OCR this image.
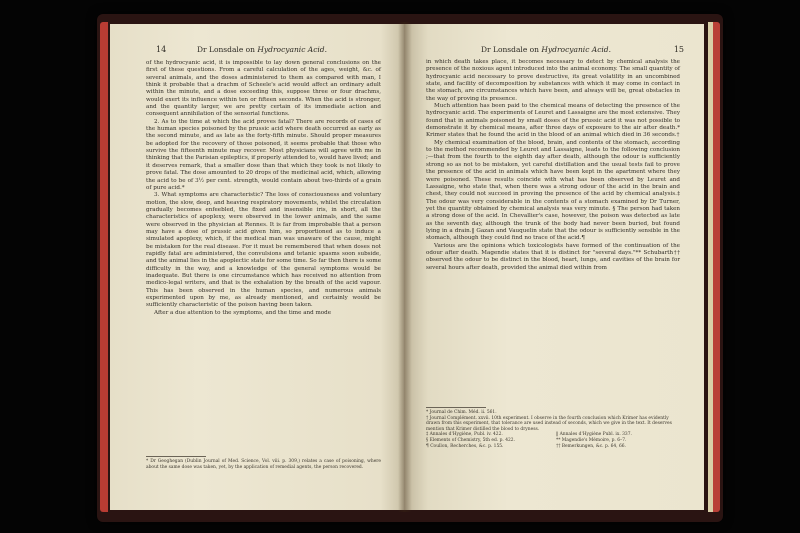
14	Dr Lonsdale on Hydrocyanic Acid.

of the hydrocyanic acid, it is impossible to lay down general conclusions on the first of these questions. From a careful calculation of the ages, weight, &c. of several animals, and the doses administered to them as compared with man, I think it probable that a drachm of Scheele's acid would affect an ordinary adult within the minute, and a dose exceeding this, suppose three or four drachms, would exert its influence within ten or fifteen seconds. When the acid is stronger, and the quantity larger, we are pretty certain of its immediate action and consequent annihilation of the sensorial functions.

2. As to the time at which the acid proves fatal? There are records of cases of the human species poisoned by the prussic acid where death occurred as early as the second minute, and as late as the forty-fifth minute. Should proper measures be adopted for the recovery of those poisoned, it seems probable that those who survive the fifteenth minute may recover. Most physicians will agree with me in thinking that the Parisian epileptics, if properly attended to, would have lived; and it deserves remark, that a smaller dose than that which they took is not likely to prove fatal. The dose amounted to 20 drops of the medicinal acid, which, allowing the acid to be of 3½ per cent. strength, would contain about two-thirds of a grain of pure acid.*

3. What symptoms are characteristic? The loss of consciousness and voluntary motion, the slow, deep, and heaving respiratory movements, whilst the circulation gradually becomes enfeebled, the fixed and insensible iris, in short, all the characteristics of apoplexy, were observed in the lower animals, and the same were observed in the physician at Rennes. It is far from improbable that a person may have a dose of prussic acid given him, so proportioned as to induce a simulated apoplexy, which, if the medical man was unaware of the cause, might be mistaken for the real disease. For it must be remembered that when doses not rapidly fatal are administered, the convulsions and tetanic spasms soon subside, and the animal lies in the apoplectic state for some time. So far then there is some difficulty in the way, and a knowledge of the general symptoms would be inadequate. But there is one circumstance which has received no attention from medico-legal writers, and that is the exhalation by the breath of the acid vapour. This has been observed in the human species, and numerous animals experimented upon by me, as already mentioned, and certainly would be sufficiently characteristic of the poison having been taken.

After a due attention to the symptoms, and the time and mode

* Dr Geoghegan (Dublin Journal of Med. Science, Vol. viii. p. 309,) relates a case of poisoning, where about the same dose was taken, yet, by the application of remedial agents, the person recovered.

Dr Lonsdale on Hydrocyanic Acid.	15

in which death takes place, it becomes necessary to detect by chemical analysis the presence of the noxious agent introduced into the animal economy. The small quantity of hydrocyanic acid necessary to prove destructive, its great volatility in an uncombined state, and facility of decomposition by substances with which it may come in contact in the stomach, are circumstances which have been, and always will be, great obstacles in the way of proving its presence.

Much attention has been paid to the chemical means of detecting the presence of the hydrocyanic acid. The experiments of Leuret and Lassaigne are the most extensive. They found that in animals poisoned by small doses of the prussic acid it was not possible to demonstrate it by chemical means, after three days of exposure to the air after death.* Krimer states that he found the acid in the blood of an animal which died in 36 seconds.†

My chemical examination of the blood, brain, and contents of the stomach, according to the method recommended by Leuret and Lassaigne, leads to the following conclusion ;—that from the fourth to the eighth day after death, although the odour is sufficiently strong so as not to be mistaken, yet careful distillation and the usual tests fail to prove the presence of the acid in animals which have been kept in the apartment where they were poisoned. These results coincide with what has been observed by Leuret and Lassaigne, who state that, when there was a strong odour of the acid in the brain and chest, they could not succeed in proving the presence of the acid by chemical analysis.‡ The odour was very considerable in the contents of a stomach examined by Dr Turner, yet the quantity obtained by chemical analysis was very minute. § The person had taken a strong dose of the acid. In Chevallier's case, however, the poison was detected as late as the seventh day, although the trunk of the body had never been buried, but found lying in a drain.‖ Gazan and Vauquelin state that the odour is sufficiently sensible in the stomach, although they could find no trace of the acid.¶

Various are the opinions which toxicologists have formed of the continuation of the odour after death. Magendie states that it is distinct for "several days."** Schubarth†† observed the odour to be distinct in the blood, heart, lungs, and cavities of the brain for several hours after death, provided the animal died within from

* Journal de Chim. Méd. ii. 561.

† Journal Complément. xxvii. 10th experiment. I observe in the fourth conclusion which Krimer has evidently drawn from this experiment, that tolerance are used instead of seconds, which we give in the text. It deserves mention that Krimer distilled the blood to dryness.

‡ Annales d'Hygiène, Publ. iv. 422.	‖ Annales d'Hygiène Publ. ix. 337.

§ Elements of Chemistry, 5th ed. p. 422.	** Magendie's Mémoire, p. 6–7.

¶ Coullon, Recherches, &c. p. 155.	†† Bemerkungen, &c. p. 64, 66.
